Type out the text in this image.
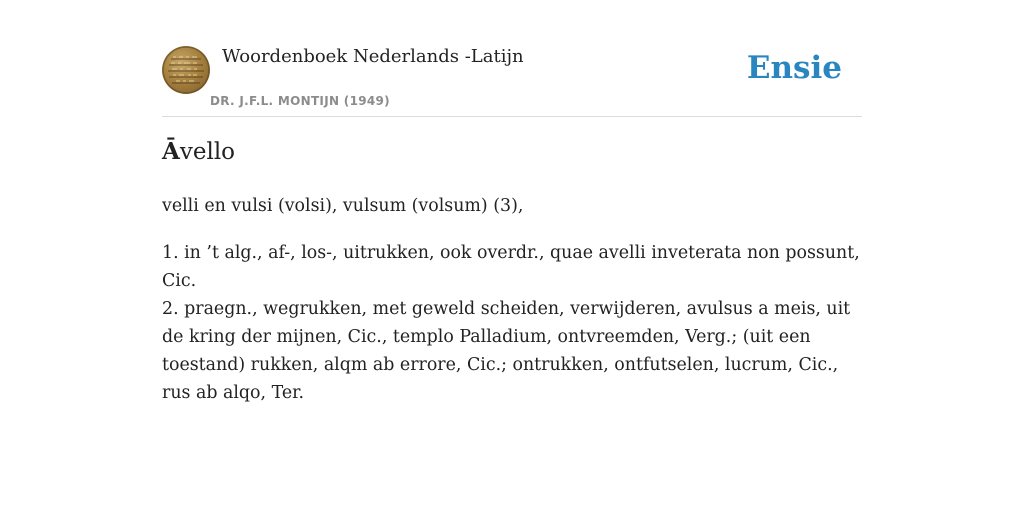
Woordenboek Nederlands -Latijn
DR. J.F.L. MONTIJN (1949)
Ensie
Āvello

velli en vulsi (volsi), vulsum (volsum) (3),

1. in ’t alg., af-, los-, uitrukken, ook overdr., quae avelli inveterata non possunt, Cic.

2. praegn., wegrukken, met geweld scheiden, verwijderen, avulsus a meis, uit de kring der mijnen, Cic., templo Palladium, ontvreemden, Verg.; (uit een toestand) rukken, alqm ab errore, Cic.; ontrukken, ontfutselen, lucrum, Cic., rus ab alqo, Ter.
